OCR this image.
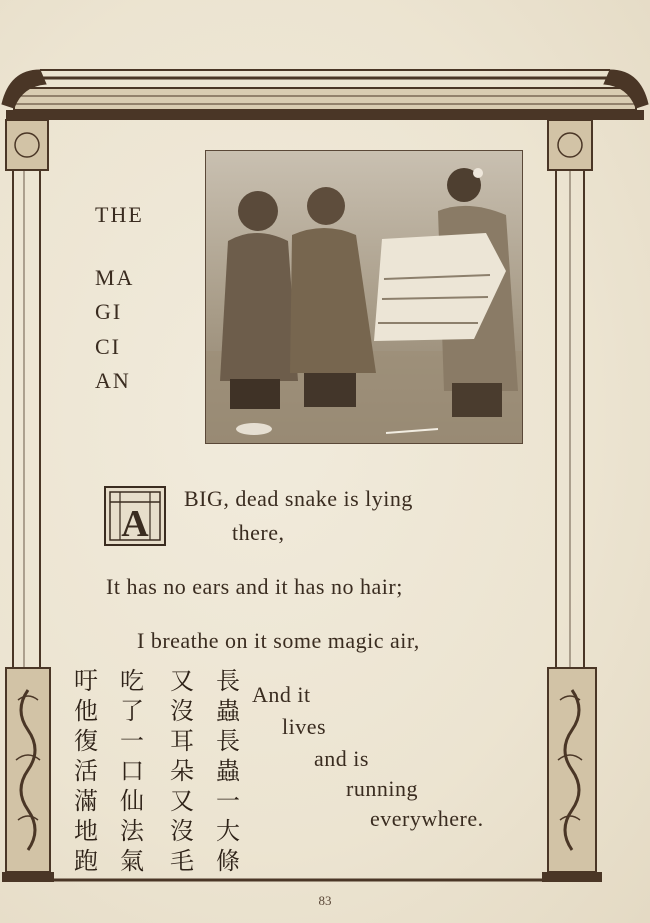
THE
MA
GI
CI
AN
A
BIG, dead snake is lying
there,
It has no ears and it has no hair;
I breathe on it some magic air,
And it
lives
and is
running
everywhere.
長蟲長蟲一大條
又沒耳朵又沒毛
吃了一口仙法氣
吁他復活滿地跑
83
